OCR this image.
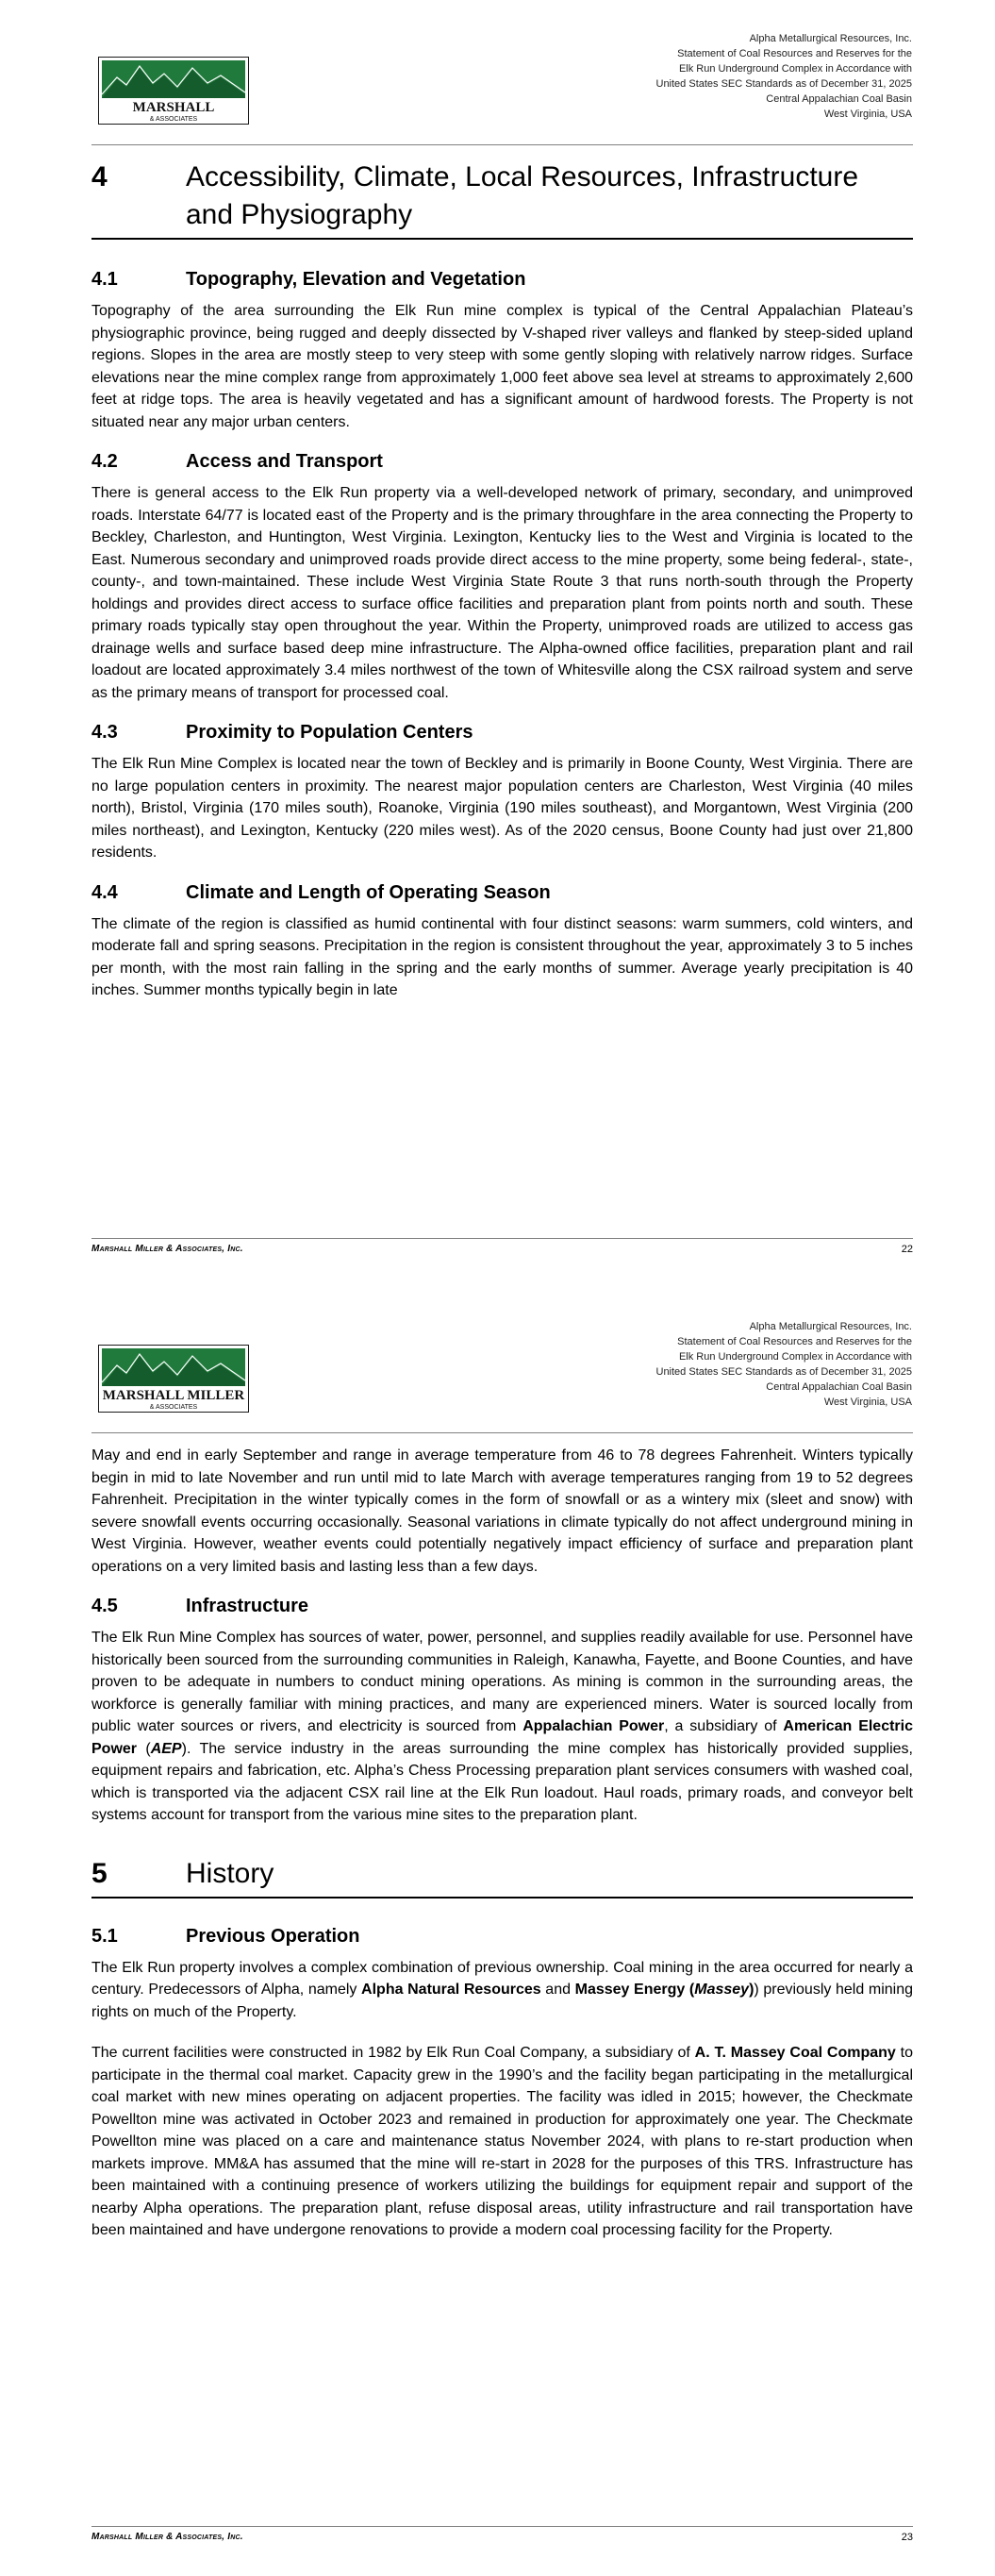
MARSHALL
& ASSOCIATES
Alpha Metallurgical Resources, Inc.
Statement of Coal Resources and Reserves for the
Elk Run Underground Complex in Accordance with
United States SEC Standards as of December 31, 2025
Central Appalachian Coal Basin
West Virginia, USA
4	Accessibility, Climate, Local Resources, Infrastructure and Physiography
4.1	Topography, Elevation and Vegetation

Topography of the area surrounding the Elk Run mine complex is typical of the Central Appalachian Plateau’s physiographic province, being rugged and deeply dissected by V-shaped river valleys and flanked by steep-sided upland regions. Slopes in the area are mostly steep to very steep with some gently sloping with relatively narrow ridges. Surface elevations near the mine complex range from approximately 1,000 feet above sea level at streams to approximately 2,600 feet at ridge tops. The area is heavily vegetated and has a significant amount of hardwood forests. The Property is not situated near any major urban centers.

4.2	Access and Transport

There is general access to the Elk Run property via a well-developed network of primary, secondary, and unimproved roads. Interstate 64/77 is located east of the Property and is the primary throughfare in the area connecting the Property to Beckley, Charleston, and Huntington, West Virginia. Lexington, Kentucky lies to the West and Virginia is located to the East. Numerous secondary and unimproved roads provide direct access to the mine property, some being federal-, state-, county-, and town-maintained. These include West Virginia State Route 3 that runs north-south through the Property holdings and provides direct access to surface office facilities and preparation plant from points north and south. These primary roads typically stay open throughout the year. Within the Property, unimproved roads are utilized to access gas drainage wells and surface based deep mine infrastructure. The Alpha-owned office facilities, preparation plant and rail loadout are located approximately 3.4 miles northwest of the town of Whitesville along the CSX railroad system and serve as the primary means of transport for processed coal.

4.3	Proximity to Population Centers

The Elk Run Mine Complex is located near the town of Beckley and is primarily in Boone County, West Virginia. There are no large population centers in proximity. The nearest major population centers are Charleston, West Virginia (40 miles north), Bristol, Virginia (170 miles south), Roanoke, Virginia (190 miles southeast), and Morgantown, West Virginia (200 miles northeast), and Lexington, Kentucky (220 miles west). As of the 2020 census, Boone County had just over 21,800 residents.

4.4	Climate and Length of Operating Season

The climate of the region is classified as humid continental with four distinct seasons: warm summers, cold winters, and moderate fall and spring seasons. Precipitation in the region is consistent throughout the year, approximately 3 to 5 inches per month, with the most rain falling in the spring and the early months of summer. Average yearly precipitation is 40 inches. Summer months typically begin in late

Marshall Miller & Associates, Inc.	22
MARSHALL MILLER
& ASSOCIATES
Alpha Metallurgical Resources, Inc.
Statement of Coal Resources and Reserves for the
Elk Run Underground Complex in Accordance with
United States SEC Standards as of December 31, 2025
Central Appalachian Coal Basin
West Virginia, USA

May and end in early September and range in average temperature from 46 to 78 degrees Fahrenheit. Winters typically begin in mid to late November and run until mid to late March with average temperatures ranging from 19 to 52 degrees Fahrenheit. Precipitation in the winter typically comes in the form of snowfall or as a wintery mix (sleet and snow) with severe snowfall events occurring occasionally. Seasonal variations in climate typically do not affect underground mining in West Virginia. However, weather events could potentially negatively impact efficiency of surface and preparation plant operations on a very limited basis and lasting less than a few days.

4.5	Infrastructure

The Elk Run Mine Complex has sources of water, power, personnel, and supplies readily available for use. Personnel have historically been sourced from the surrounding communities in Raleigh, Kanawha, Fayette, and Boone Counties, and have proven to be adequate in numbers to conduct mining operations. As mining is common in the surrounding areas, the workforce is generally familiar with mining practices, and many are experienced miners. Water is sourced locally from public water sources or rivers, and electricity is sourced from Appalachian Power, a subsidiary of American Electric Power (AEP). The service industry in the areas surrounding the mine complex has historically provided supplies, equipment repairs and fabrication, etc. Alpha’s Chess Processing preparation plant services consumers with washed coal, which is transported via the adjacent CSX rail line at the Elk Run loadout. Haul roads, primary roads, and conveyor belt systems account for transport from the various mine sites to the preparation plant.

5	History
5.1	Previous Operation

The Elk Run property involves a complex combination of previous ownership. Coal mining in the area occurred for nearly a century. Predecessors of Alpha, namely Alpha Natural Resources and Massey Energy (Massey)) previously held mining rights on much of the Property.

The current facilities were constructed in 1982 by Elk Run Coal Company, a subsidiary of A. T. Massey Coal Company to participate in the thermal coal market. Capacity grew in the 1990’s and the facility began participating in the metallurgical coal market with new mines operating on adjacent properties. The facility was idled in 2015; however, the Checkmate Powellton mine was activated in October 2023 and remained in production for approximately one year. The Checkmate Powellton mine was placed on a care and maintenance status November 2024, with plans to re-start production when markets improve. MM&A has assumed that the mine will re-start in 2028 for the purposes of this TRS. Infrastructure has been maintained with a continuing presence of workers utilizing the buildings for equipment repair and support of the nearby Alpha operations. The preparation plant, refuse disposal areas, utility infrastructure and rail transportation have been maintained and have undergone renovations to provide a modern coal processing facility for the Property.

Marshall Miller & Associates, Inc.	23
